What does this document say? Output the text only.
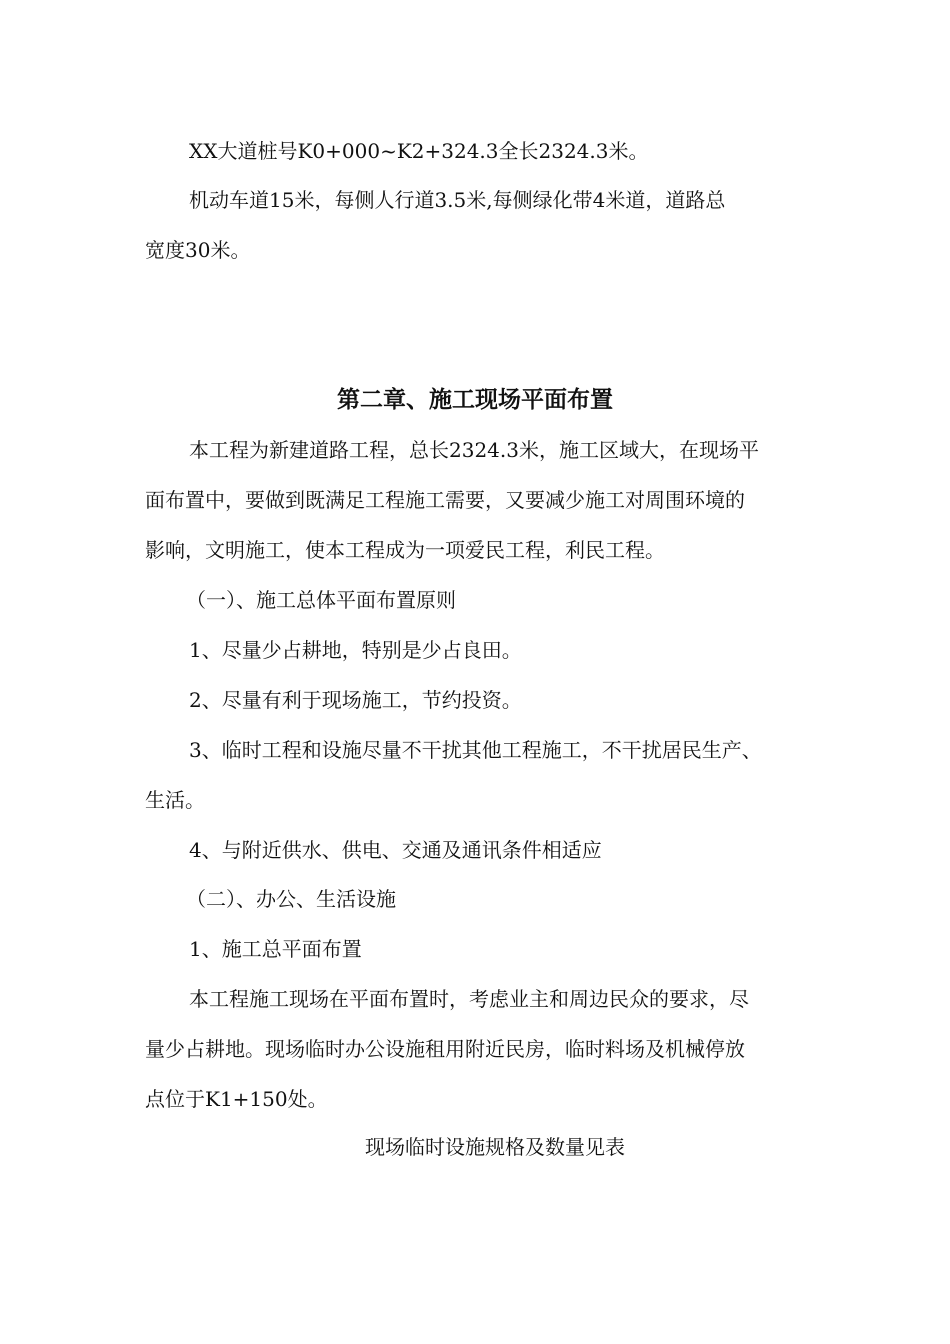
XX大道桩号K0+000~K2+324.3全长2324.3米。
机动车道15米，每侧人行道3.5米,每侧绿化带4米道，道路总
宽度30米。
第二章、施工现场平面布置
本工程为新建道路工程，总长2324.3米，施工区域大，在现场平
面布置中，要做到既满足工程施工需要，又要减少施工对周围环境的
影响，文明施工，使本工程成为一项爱民工程，利民工程。
（一）、施工总体平面布置原则
1、尽量少占耕地，特别是少占良田。
2、尽量有利于现场施工，节约投资。
3、临时工程和设施尽量不干扰其他工程施工，不干扰居民生产、
生活。
4、与附近供水、供电、交通及通讯条件相适应
（二）、办公、生活设施
1、施工总平面布置
本工程施工现场在平面布置时，考虑业主和周边民众的要求，尽
量少占耕地。现场临时办公设施租用附近民房，临时料场及机械停放
点位于K1+150处。
现场临时设施规格及数量见表
